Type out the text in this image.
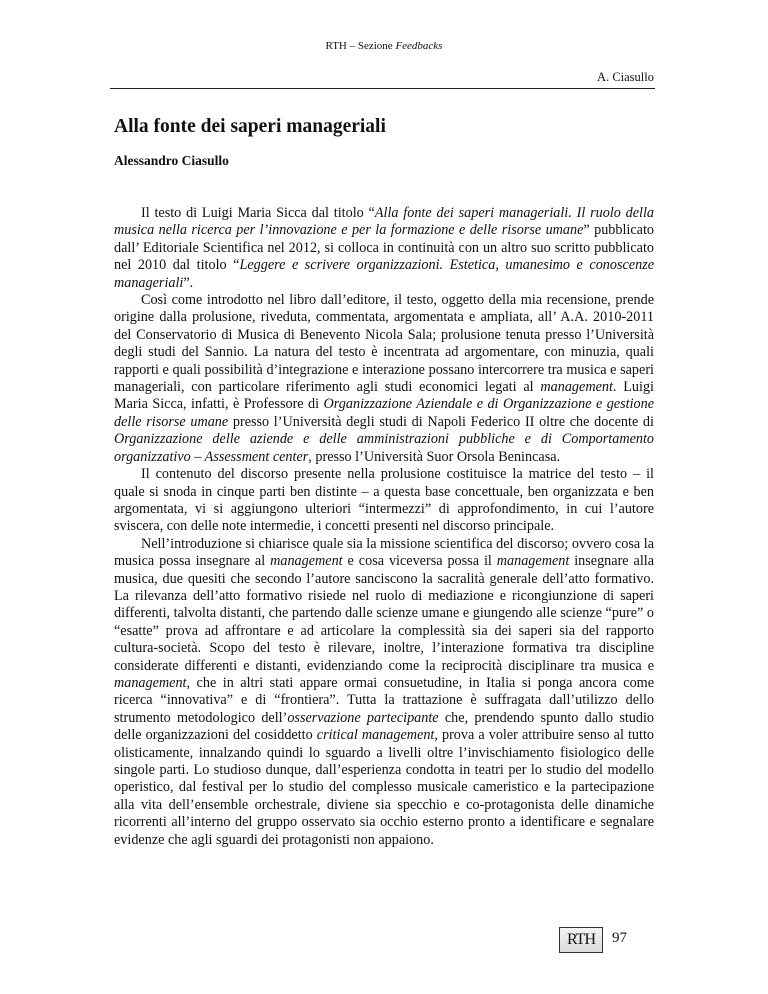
RTH – Sezione Feedbacks
A. Ciasullo
Alla fonte dei saperi manageriali
Alessandro Ciasullo

Il testo di Luigi Maria Sicca dal titolo “Alla fonte dei saperi manageriali. Il ruolo della musica nella ricerca per l’innovazione e per la formazione e delle risorse umane” pubblicato dall’ Editoriale Scientifica nel 2012, si colloca in continuità con un altro suo scritto pubblicato nel 2010 dal titolo “Leggere e scrivere organizzazioni. Estetica, umanesimo e conoscenze manageriali”.

Così come introdotto nel libro dall’editore, il testo, oggetto della mia recensione, prende origine dalla prolusione, riveduta, commentata, argomentata e ampliata, all’ A.A. 2010-2011 del Conservatorio di Musica di Benevento Nicola Sala; prolusione tenuta presso l’Università degli studi del Sannio. La natura del testo è incentrata ad argomentare, con minuzia, quali rapporti e quali possibilità d’integrazione e interazione possano intercorrere tra musica e saperi manageriali, con particolare riferimento agli studi economici legati al management. Luigi Maria Sicca, infatti, è Professore di Organizzazione Aziendale e di Organizzazione e gestione delle risorse umane presso l’Università degli studi di Napoli Federico II oltre che docente di Organizzazione delle aziende e delle amministrazioni pubbliche e di Comportamento organizzativo – Assessment center, presso l’Università Suor Orsola Benincasa.

Il contenuto del discorso presente nella prolusione costituisce la matrice del testo – il quale si snoda in cinque parti ben distinte – a questa base concettuale, ben organizzata e ben argomentata, vi si aggiungono ulteriori “intermezzi” di approfondimento, in cui l’autore sviscera, con delle note intermedie, i concetti presenti nel discorso principale.

Nell’introduzione si chiarisce quale sia la missione scientifica del discorso; ovvero cosa la musica possa insegnare al management e cosa viceversa possa il management insegnare alla musica, due quesiti che secondo l’autore sanciscono la sacralità generale dell’atto formativo. La rilevanza dell’atto formativo risiede nel ruolo di mediazione e ricongiunzione di saperi differenti, talvolta distanti, che partendo dalle scienze umane e giungendo alle scienze “pure” o “esatte” prova ad affrontare e ad articolare la complessità sia dei saperi sia del rapporto cultura-società. Scopo del testo è rilevare, inoltre, l’interazione formativa tra discipline considerate differenti e distanti, evidenziando come la reciprocità disciplinare tra musica e management, che in altri stati appare ormai consuetudine, in Italia si ponga ancora come ricerca “innovativa” e di “frontiera”. Tutta la trattazione è suffragata dall’utilizzo dello strumento metodologico dell’osservazione partecipante che, prendendo spunto dallo studio delle organizzazioni del cosiddetto critical management, prova a voler attribuire senso al tutto olisticamente, innalzando quindi lo sguardo a livelli oltre l’invischiamento fisiologico delle singole parti. Lo studioso dunque, dall’esperienza condotta in teatri per lo studio del modello operistico, dal festival per lo studio del complesso musicale cameristico e la partecipazione alla vita dell’ensemble orchestrale, diviene sia specchio e co-protagonista delle dinamiche ricorrenti all’interno del gruppo osservato sia occhio esterno pronto a identificare e segnalare evidenze che agli sguardi dei protagonisti non appaiono.

RTH	97
